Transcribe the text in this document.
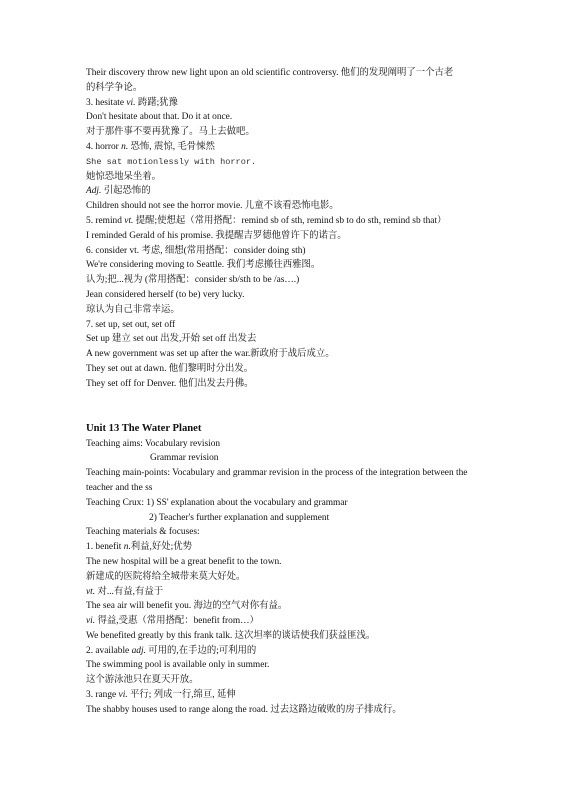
Their discovery throw new light upon an old scientific controversy. 他们的发现阐明了一个古老
的科学争论。
3. hesitate vi. 踌躇;犹豫
Don't hesitate about that. Do it at once.
对于那件事不要再犹豫了。马上去做吧。
4. horror n. 恐怖, 震惊, 毛骨悚然
She sat motionlessly with horror.
她惊恐地呆坐着。
Adj. 引起恐怖的
Children should not see the horror movie. 儿童不该看恐怖电影。
5. remind vt. 提醒;使想起（常用搭配：remind sb of sth, remind sb to do sth, remind sb that）
I reminded Gerald of his promise. 我提醒吉罗德他曾许下的诺言。
6. consider vt. 考虑, 细想(常用搭配：consider doing sth)
We're considering moving to Seattle. 我们考虑搬往西雅图。
认为;把...视为 (常用搭配：consider sb/sth to be /as….)
Jean considered herself (to be) very lucky.
琼认为自己非常幸运。
7. set up, set out, set off
Set up 建立 set out 出发,开始 set off 出发去
A new government was set up after the war.新政府于战后成立。
They set out at dawn. 他们黎明时分出发。
They set off for Denver. 他们出发去丹佛。
Unit 13 The Water Planet
Teaching aims: Vocabulary revision
Grammar revision
Teaching main-points: Vocabulary and grammar revision in the process of the integration between the teacher and the ss
Teaching Crux: 1) SS' explanation about the vocabulary and grammar
2) Teacher's further explanation and supplement
Teaching materials & focuses:
1. benefit n.利益,好处;优势
The new hospital will be a great benefit to the town.
新建成的医院将给全城带来莫大好处。
vt. 对...有益,有益于
The sea air will benefit you. 海边的空气对你有益。
vi. 得益,受惠（常用搭配：benefit from…）
We benefited greatly by this frank talk. 这次坦率的谈话使我们获益匪浅。
2. available adj. 可用的,在手边的;可利用的
The swimming pool is available only in summer.
这个游泳池只在夏天开放。
3. range vi. 平行; 列成一行,绵亘, 延伸
The shabby houses used to range along the road. 过去这路边破败的房子排成行。
